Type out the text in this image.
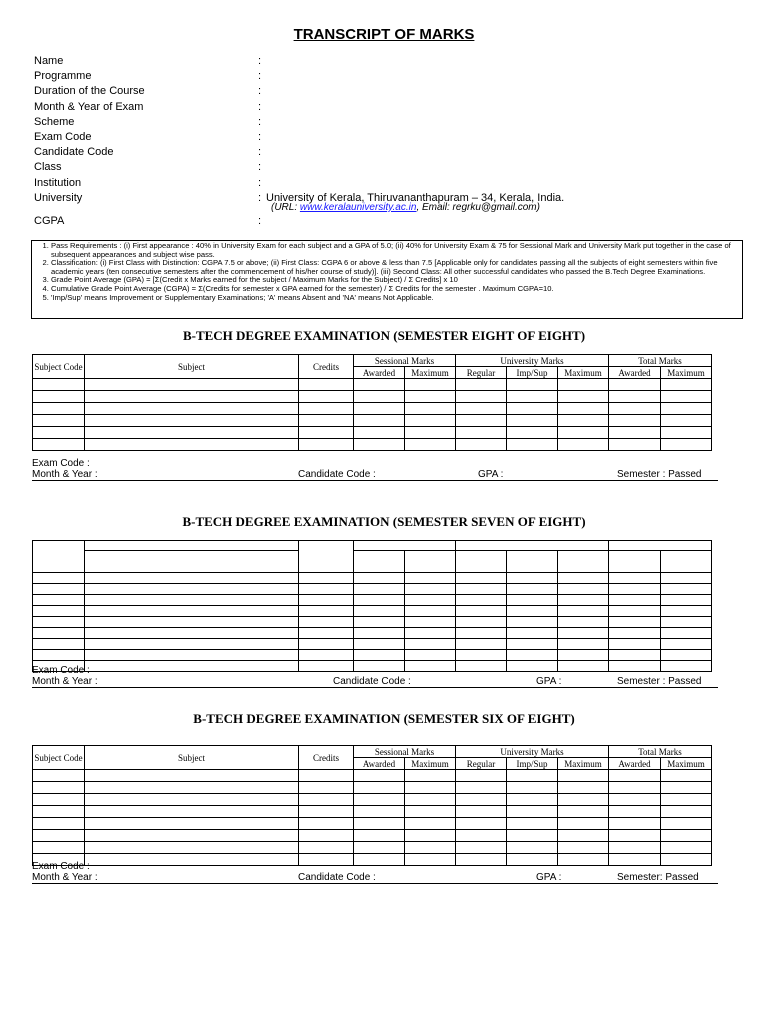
TRANSCRIPT OF MARKS
Name	:
Programme	:
Duration of the Course	:
Month & Year of Exam	:
Scheme	:
Exam Code	:
Candidate Code	:
Class	:
Institution	:
University	: University of Kerala, Thiruvananthapuram – 34, Kerala, India.
(URL: www.keralauniversity.ac.in, Email: regrku@gmail.com)
CGPA	:
1. Pass Requirements : (i) First appearance : 40% in University Exam for each subject and a GPA of 5.0; (ii) 40% for University Exam & 75 for Sessional Mark and University Mark put together in the case of subsequent appearances and subject wise pass.
2. Classification: (i) First Class with Distinction: CGPA 7.5 or above; (ii) First Class: CGPA 6 or above & less than 7.5 [Applicable only for candidates passing all the subjects of eight semesters within five academic years (ten consecutive semesters after the commencement of his/her course of study)]. (iii) Second Class: All other successful candidates who passed the B.Tech Degree Examinations.
3. Grade Point Average (GPA) = [Σ(Credit x Marks earned for the subject / Maximum Marks for the Subject) / Σ Credits] x 10
4. Cumulative Grade Point Average (CGPA) = Σ(Credits for semester x GPA earned for the semester) / Σ Credits for the semester . Maximum CGPA=10.
5. 'Imp/Sup' means Improvement or Supplementary Examinations; 'A' means Absent and 'NA' means Not Applicable.
B-TECH DEGREE EXAMINATION (SEMESTER EIGHT OF EIGHT)
Subject Code	Subject	Credits	Sessional Marks		University Marks			Total Marks	
			Awarded	Maximum	Regular	Imp/Sup	Maximum	Awarded	Maximum

Exam Code :
Month & Year :	Candidate Code :	GPA :	Semester : Passed
B-TECH DEGREE EXAMINATION (SEMESTER SEVEN OF EIGHT)

Exam Code :
Month & Year :	Candidate Code :	GPA :	Semester : Passed
B-TECH DEGREE EXAMINATION (SEMESTER SIX OF EIGHT)
Subject Code	Subject	Credits	Sessional Marks		University Marks			Total Marks	
			Awarded	Maximum	Regular	Imp/Sup	Maximum	Awarded	Maximum

Exam Code :
Month & Year :	Candidate Code :	GPA :	Semester: Passed
